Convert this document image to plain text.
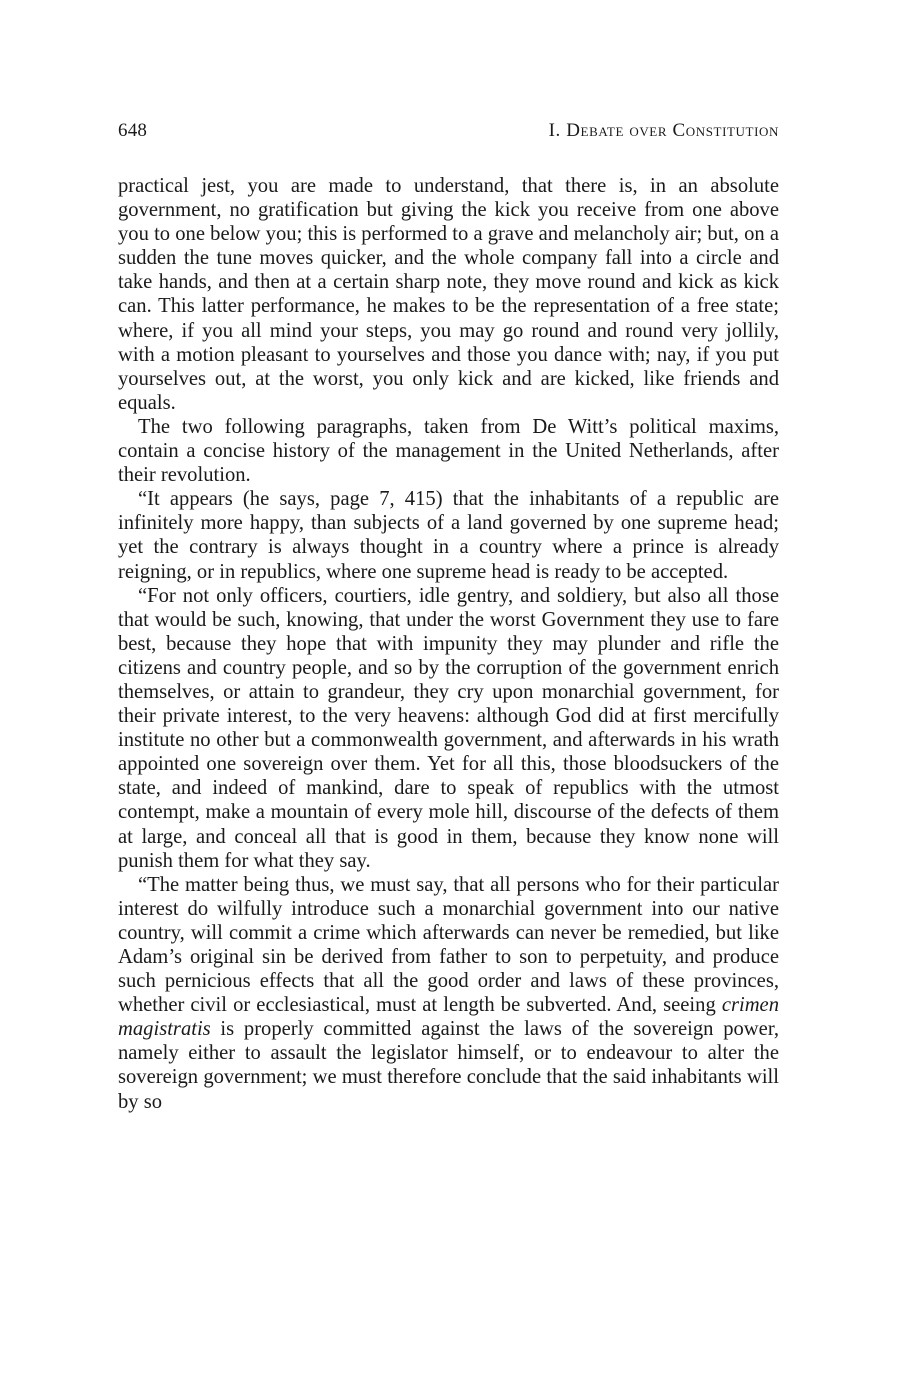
648	I. Debate over Constitution

practical jest, you are made to understand, that there is, in an absolute government, no gratification but giving the kick you receive from one above you to one below you; this is performed to a grave and melancholy air; but, on a sudden the tune moves quicker, and the whole company fall into a circle and take hands, and then at a certain sharp note, they move round and kick as kick can. This latter performance, he makes to be the representation of a free state; where, if you all mind your steps, you may go round and round very jollily, with a motion pleasant to yourselves and those you dance with; nay, if you put yourselves out, at the worst, you only kick and are kicked, like friends and equals.

The two following paragraphs, taken from De Witt’s political maxims, contain a concise history of the management in the United Netherlands, after their revolution.

“It appears (he says, page 7, 415) that the inhabitants of a republic are infinitely more happy, than subjects of a land governed by one supreme head; yet the contrary is always thought in a country where a prince is already reigning, or in republics, where one supreme head is ready to be accepted.

“For not only officers, courtiers, idle gentry, and soldiery, but also all those that would be such, knowing, that under the worst Government they use to fare best, because they hope that with impunity they may plunder and rifle the citizens and country people, and so by the corruption of the government enrich themselves, or attain to grandeur, they cry upon monarchial government, for their private interest, to the very heavens: although God did at first mercifully institute no other but a commonwealth government, and afterwards in his wrath appointed one sovereign over them. Yet for all this, those bloodsuckers of the state, and indeed of mankind, dare to speak of republics with the utmost contempt, make a mountain of every mole hill, discourse of the defects of them at large, and conceal all that is good in them, because they know none will punish them for what they say.

“The matter being thus, we must say, that all persons who for their particular interest do wilfully introduce such a monarchial government into our native country, will commit a crime which afterwards can never be remedied, but like Adam’s original sin be derived from father to son to perpetuity, and produce such pernicious effects that all the good order and laws of these provinces, whether civil or ecclesiastical, must at length be subverted. And, seeing crimen magistratis is properly committed against the laws of the sovereign power, namely either to assault the legislator himself, or to endeavour to alter the sovereign government; we must therefore conclude that the said inhabitants will by so
